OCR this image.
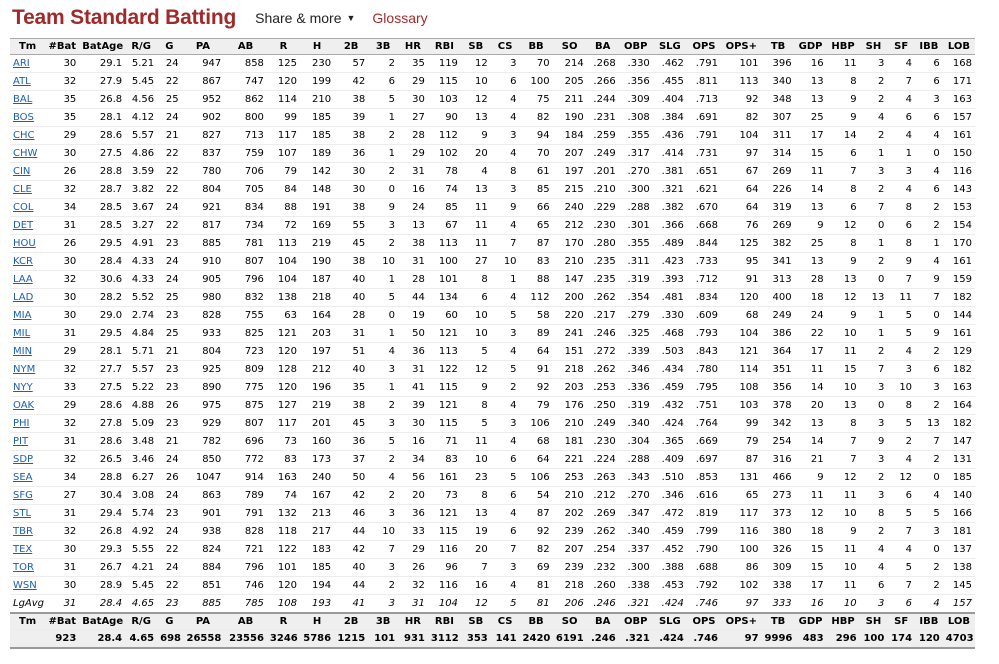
Team Standard Batting Share & more ▼ Glossary
Tm	#Bat	BatAge	R/G	G	PA	AB	R	H	2B	3B	HR	RBI	SB	CS	BB	SO	BA	OBP	SLG	OPS	OPS+	TB	GDP	HBP	SH	SF	IBB	LOB
ARI	30	29.1	5.21	24	947	858	125	230	57	2	35	119	12	3	70	214	.268	.330	.462	.791	101	396	16	11	3	4	6	168
ATL	32	27.9	5.45	22	867	747	120	199	42	6	29	115	10	6	100	205	.266	.356	.455	.811	113	340	13	8	2	7	6	171
BAL	35	26.8	4.56	25	952	862	114	210	38	5	30	103	12	4	75	211	.244	.309	.404	.713	92	348	13	9	2	4	3	163
BOS	35	28.1	4.12	24	902	800	99	185	39	1	27	90	13	4	82	190	.231	.308	.384	.691	82	307	25	9	4	6	6	157
CHC	29	28.6	5.57	21	827	713	117	185	38	2	28	112	9	3	94	184	.259	.355	.436	.791	104	311	17	14	2	4	4	161
CHW	30	27.5	4.86	22	837	759	107	189	36	1	29	102	20	4	70	207	.249	.317	.414	.731	97	314	15	6	1	1	0	150
CIN	26	28.8	3.59	22	780	706	79	142	30	2	31	78	4	8	61	197	.201	.270	.381	.651	67	269	11	7	3	3	4	116
CLE	32	28.7	3.82	22	804	705	84	148	30	0	16	74	13	3	85	215	.210	.300	.321	.621	64	226	14	8	2	4	6	143
COL	34	28.5	3.67	24	921	834	88	191	38	9	24	85	11	9	66	240	.229	.288	.382	.670	64	319	13	6	7	8	2	153
DET	31	28.5	3.27	22	817	734	72	169	55	3	13	67	11	4	65	212	.230	.301	.366	.668	76	269	9	12	0	6	2	154
HOU	26	29.5	4.91	23	885	781	113	219	45	2	38	113	11	7	87	170	.280	.355	.489	.844	125	382	25	8	1	8	1	170
KCR	30	28.4	4.33	24	910	807	104	190	38	10	31	100	27	10	83	210	.235	.311	.423	.733	95	341	13	9	2	9	4	161
LAA	32	30.6	4.33	24	905	796	104	187	40	1	28	101	8	1	88	147	.235	.319	.393	.712	91	313	28	13	0	7	9	159
LAD	30	28.2	5.52	25	980	832	138	218	40	5	44	134	6	4	112	200	.262	.354	.481	.834	120	400	18	12	13	11	7	182
MIA	30	29.0	2.74	23	828	755	63	164	28	0	19	60	10	5	58	220	.217	.279	.330	.609	68	249	24	9	1	5	0	144
MIL	31	29.5	4.84	25	933	825	121	203	31	1	50	121	10	3	89	241	.246	.325	.468	.793	104	386	22	10	1	5	9	161
MIN	29	28.1	5.71	21	804	723	120	197	51	4	36	113	5	4	64	151	.272	.339	.503	.843	121	364	17	11	2	4	2	129
NYM	32	27.7	5.57	23	925	809	128	212	40	3	31	122	12	5	91	218	.262	.346	.434	.780	114	351	11	15	7	3	6	182
NYY	33	27.5	5.22	23	890	775	120	196	35	1	41	115	9	2	92	203	.253	.336	.459	.795	108	356	14	10	3	10	3	163
OAK	29	28.6	4.88	26	975	875	127	219	38	2	39	121	8	4	79	176	.250	.319	.432	.751	103	378	20	13	0	8	2	164
PHI	32	27.8	5.09	23	929	807	117	201	45	3	30	115	5	3	106	210	.249	.340	.424	.764	99	342	13	8	3	5	13	182
PIT	31	28.6	3.48	21	782	696	73	160	36	5	16	71	11	4	68	181	.230	.304	.365	.669	79	254	14	7	9	2	7	147
SDP	32	26.5	3.46	24	850	772	83	173	37	2	34	83	10	6	64	221	.224	.288	.409	.697	87	316	21	7	3	4	2	131
SEA	34	28.8	6.27	26	1047	914	163	240	50	4	56	161	23	5	106	253	.263	.343	.510	.853	131	466	9	12	2	12	0	185
SFG	27	30.4	3.08	24	863	789	74	167	42	2	20	73	8	6	54	210	.212	.270	.346	.616	65	273	11	11	3	6	4	140
STL	31	29.4	5.74	23	901	791	132	213	46	3	36	121	13	4	87	202	.269	.347	.472	.819	117	373	12	10	8	5	5	166
TBR	32	26.8	4.92	24	938	828	118	217	44	10	33	115	19	6	92	239	.262	.340	.459	.799	116	380	18	9	2	7	3	181
TEX	30	29.3	5.55	22	824	721	122	183	42	7	29	116	20	7	82	207	.254	.337	.452	.790	100	326	15	11	4	4	0	137
TOR	31	26.7	4.21	24	884	796	101	185	40	3	26	96	7	3	69	239	.232	.300	.388	.688	86	309	15	10	4	5	2	138
WSN	30	28.9	5.45	22	851	746	120	194	44	2	32	116	16	4	81	218	.260	.338	.453	.792	102	338	17	11	6	7	2	145
LgAvg	31	28.4	4.65	23	885	785	108	193	41	3	31	104	12	5	81	206	.246	.321	.424	.746	97	333	16	10	3	6	4	157
Tm	#Bat	BatAge	R/G	G	PA	AB	R	H	2B	3B	HR	RBI	SB	CS	BB	SO	BA	OBP	SLG	OPS	OPS+	TB	GDP	HBP	SH	SF	IBB	LOB
	923	28.4	4.65	698	26558	23556	3246	5786	1215	101	931	3112	353	141	2420	6191	.246	.321	.424	.746	97	9996	483	296	100	174	120	4703
